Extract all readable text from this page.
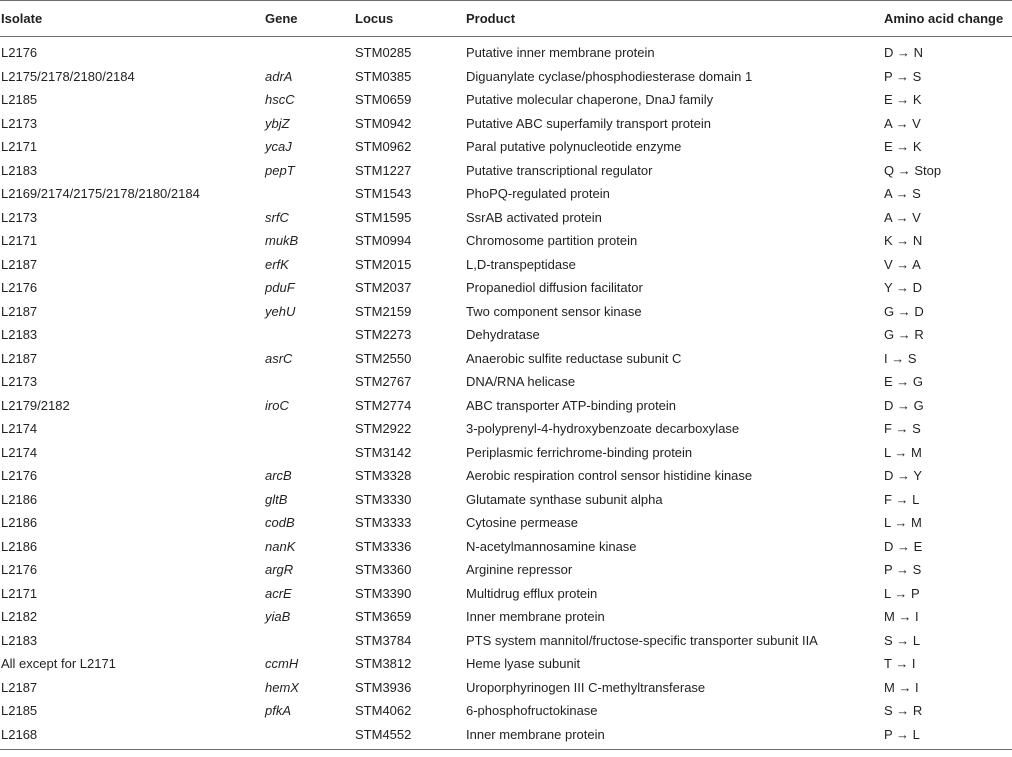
Isolate	Gene	Locus	Product	Amino acid change
L2176		STM0285	Putative inner membrane protein	D → N
L2175/2178/2180/2184	adrA	STM0385	Diguanylate cyclase/phosphodiesterase domain 1	P → S
L2185	hscC	STM0659	Putative molecular chaperone, DnaJ family	E → K
L2173	ybjZ	STM0942	Putative ABC superfamily transport protein	A → V
L2171	ycaJ	STM0962	Paral putative polynucleotide enzyme	E → K
L2183	pepT	STM1227	Putative transcriptional regulator	Q → Stop
L2169/2174/2175/2178/2180/2184		STM1543	PhoPQ-regulated protein	A → S
L2173	srfC	STM1595	SsrAB activated protein	A → V
L2171	mukB	STM0994	Chromosome partition protein	K → N
L2187	erfK	STM2015	L,D-transpeptidase	V → A
L2176	pduF	STM2037	Propanediol diffusion facilitator	Y → D
L2187	yehU	STM2159	Two component sensor kinase	G → D
L2183		STM2273	Dehydratase	G → R
L2187	asrC	STM2550	Anaerobic sulfite reductase subunit C	I → S
L2173		STM2767	DNA/RNA helicase	E → G
L2179/2182	iroC	STM2774	ABC transporter ATP-binding protein	D → G
L2174		STM2922	3-polyprenyl-4-hydroxybenzoate decarboxylase	F → S
L2174		STM3142	Periplasmic ferrichrome-binding protein	L → M
L2176	arcB	STM3328	Aerobic respiration control sensor histidine kinase	D → Y
L2186	gltB	STM3330	Glutamate synthase subunit alpha	F → L
L2186	codB	STM3333	Cytosine permease	L → M
L2186	nanK	STM3336	N-acetylmannosamine kinase	D → E
L2176	argR	STM3360	Arginine repressor	P → S
L2171	acrE	STM3390	Multidrug efflux protein	L → P
L2182	yiaB	STM3659	Inner membrane protein	M → I
L2183		STM3784	PTS system mannitol/fructose-specific transporter subunit IIA	S → L
All except for L2171	ccmH	STM3812	Heme lyase subunit	T → I
L2187	hemX	STM3936	Uroporphyrinogen III C-methyltransferase	M → I
L2185	pfkA	STM4062	6-phosphofructokinase	S → R
L2168		STM4552	Inner membrane protein	P → L
